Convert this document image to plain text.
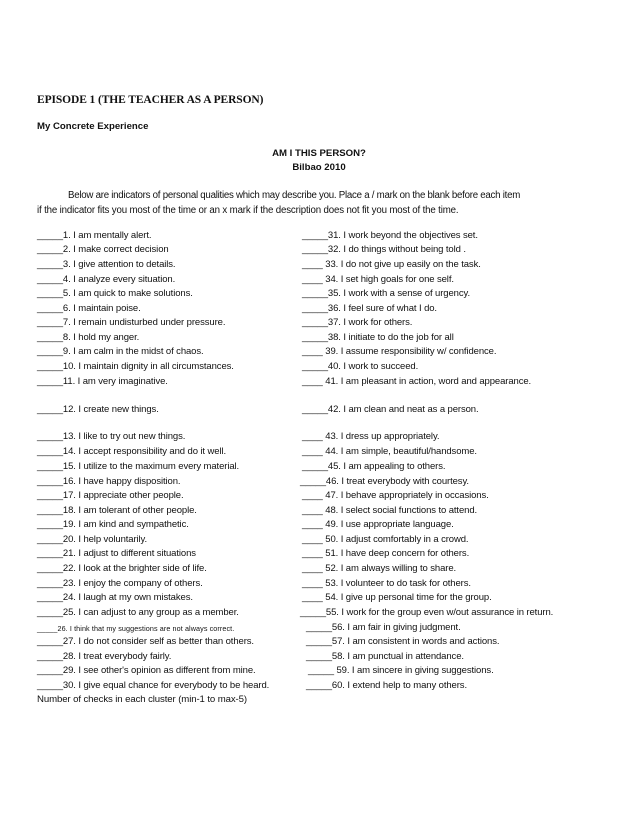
EPISODE 1 (THE TEACHER AS A PERSON)
My Concrete Experience
AM I THIS PERSON?
Bilbao 2010
Below are indicators of personal qualities which may describe you. Place a / mark on the blank before each item
if the indicator fits you most of the time or an x mark if the description does not fit you most of the time.
_____1. I am mentally alert.
_____2. I make correct decision
_____3. I give attention to details.
_____4. I analyze every situation.
_____5. I am quick to make solutions.
_____6. I maintain poise.
_____7. I remain undisturbed under pressure.
_____8. I hold my anger.
_____9. I am calm in the midst of chaos.
_____10. I maintain dignity in all circumstances.
_____11. I am very imaginative.
_____12. I create new things.
_____13. I like to try out new things.
_____14. I accept responsibility and do it well.
_____15. I utilize to the maximum every material.
_____16. I have happy disposition.
_____17. I appreciate other people.
_____18. I am tolerant of other people.
_____19. I am kind and sympathetic.
_____20. I help voluntarily.
_____21. I adjust to different situations
_____22. I look at the brighter side of life.
_____23. I enjoy the company of others.
_____24. I laugh at my own mistakes.
_____25. I can adjust to any group as a member.
_____26. I think that my suggestions are not always correct.
_____27. I do not consider self as better than others.
_____28. I treat everybody fairly.
_____29. I see other's opinion as different from mine.
_____30. I give equal chance for everybody to be heard.
_____31. I work beyond the objectives set.
_____32. I do things without being told .
____ 33. I do not give up easily on the task.
____ 34. I set high goals for one self.
_____35. I work with a sense of urgency.
_____36. I feel sure of what I do.
_____37. I work for others.
_____38. I initiate to do the job for all
____ 39. I assume responsibility w/ confidence.
_____40. I work to succeed.
____ 41. I am pleasant in action, word and appearance.
_____42. I am clean and neat as a person.
____ 43. I dress up appropriately.
____ 44. I am simple, beautiful/handsome.
_____45. I am appealing to others.
_____46. I treat everybody with courtesy.
____ 47. I behave appropriately in occasions.
____ 48. I select social functions to attend.
____ 49. I use appropriate language.
____ 50. I adjust comfortably in a crowd.
____ 51. I have deep concern for others.
____ 52. I am always willing to share.
____ 53. I volunteer to do task for others.
____ 54. I give up personal time for the group.
_____55. I work for the group even w/out assurance in return.
_____56. I am fair in giving judgment.
_____57. I am consistent in words and actions.
_____58. I am punctual in attendance.
_____ 59. I am sincere in giving suggestions.
_____60. I extend help to many others.
Number of checks in each cluster (min-1 to max-5)
